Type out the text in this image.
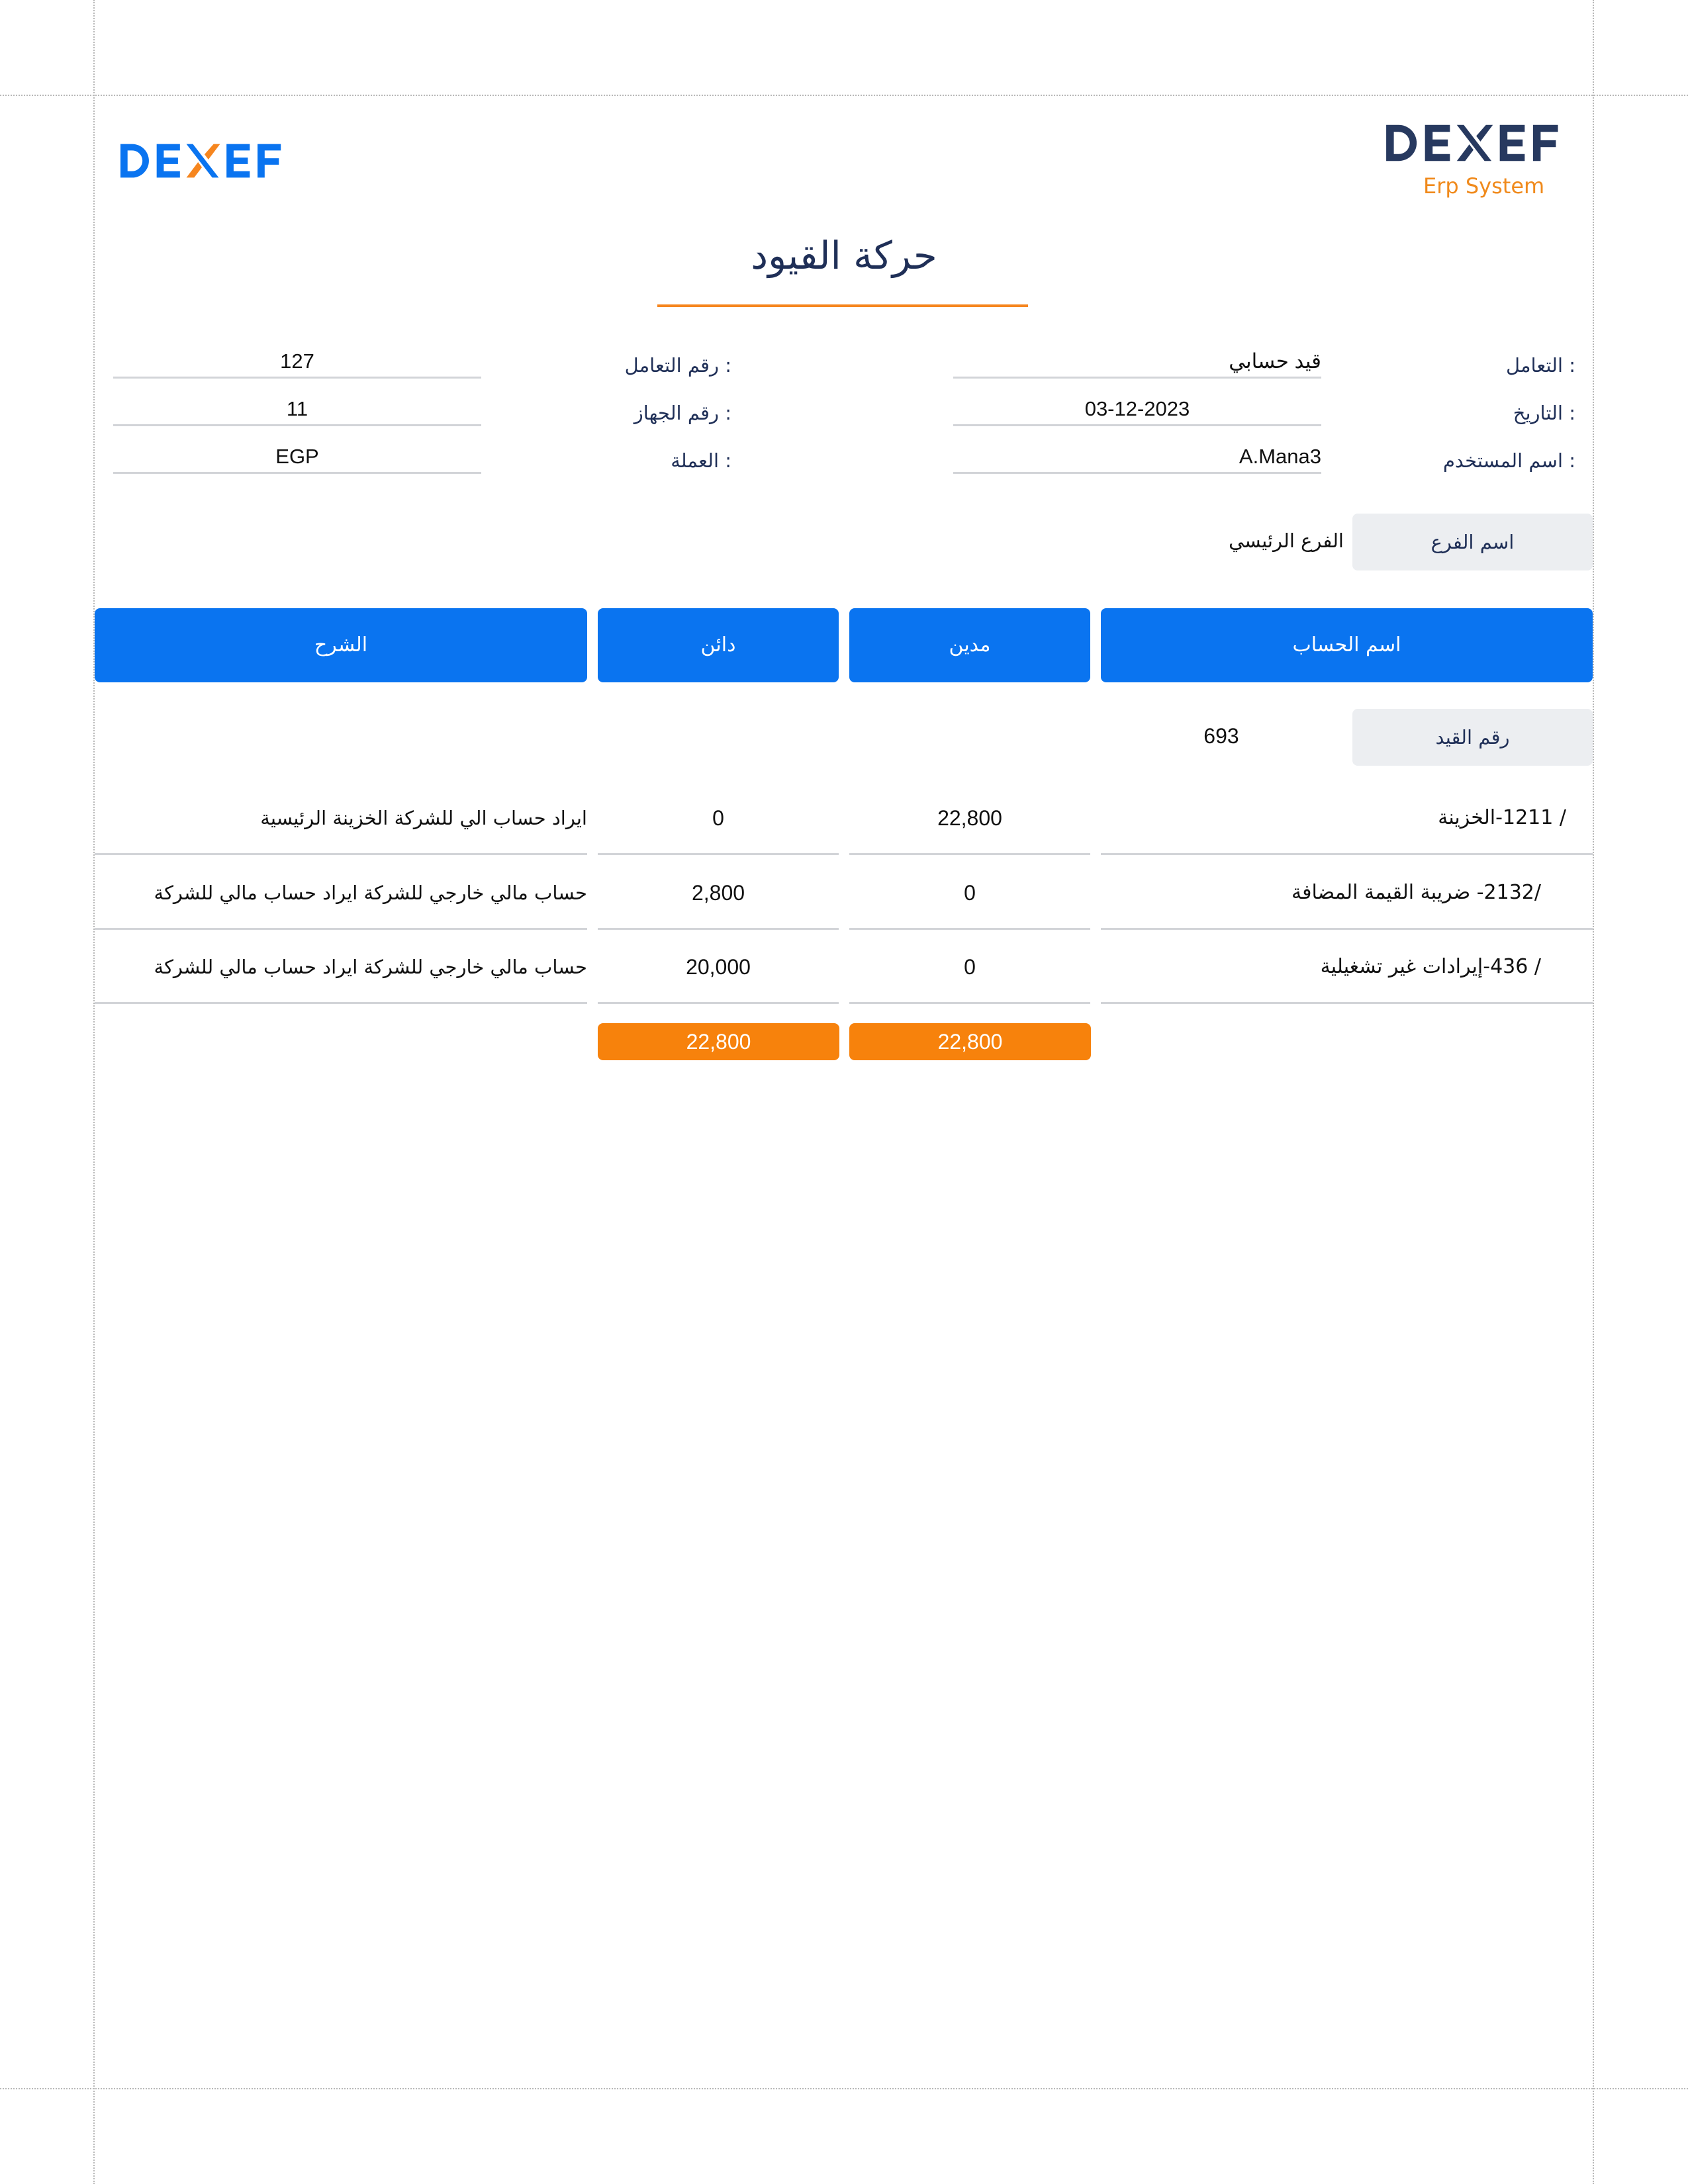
Erp System
حركة القيود
: التعامل
قيد حسابي
: التاريخ
03-12-2023
: اسم المستخدم
A.Mana3
: رقم التعامل
127
: رقم الجهاز
11
: العملة
EGP
اسم الفرع
الفرع الرئيسي
اسم الحساب
مدين
دائن
الشرح
رقم القيد
693
/ 1211-الخزينة
22,800
0
ايراد حساب الي للشركة الخزينة الرئيسية
/2132- ضريبة القيمة المضافة
0
2,800
حساب مالي خارجي للشركة ايراد حساب مالي للشركة
/ 436-إيرادات غير تشغيلية
0
20,000
حساب مالي خارجي للشركة ايراد حساب مالي للشركة
22,800
22,800
